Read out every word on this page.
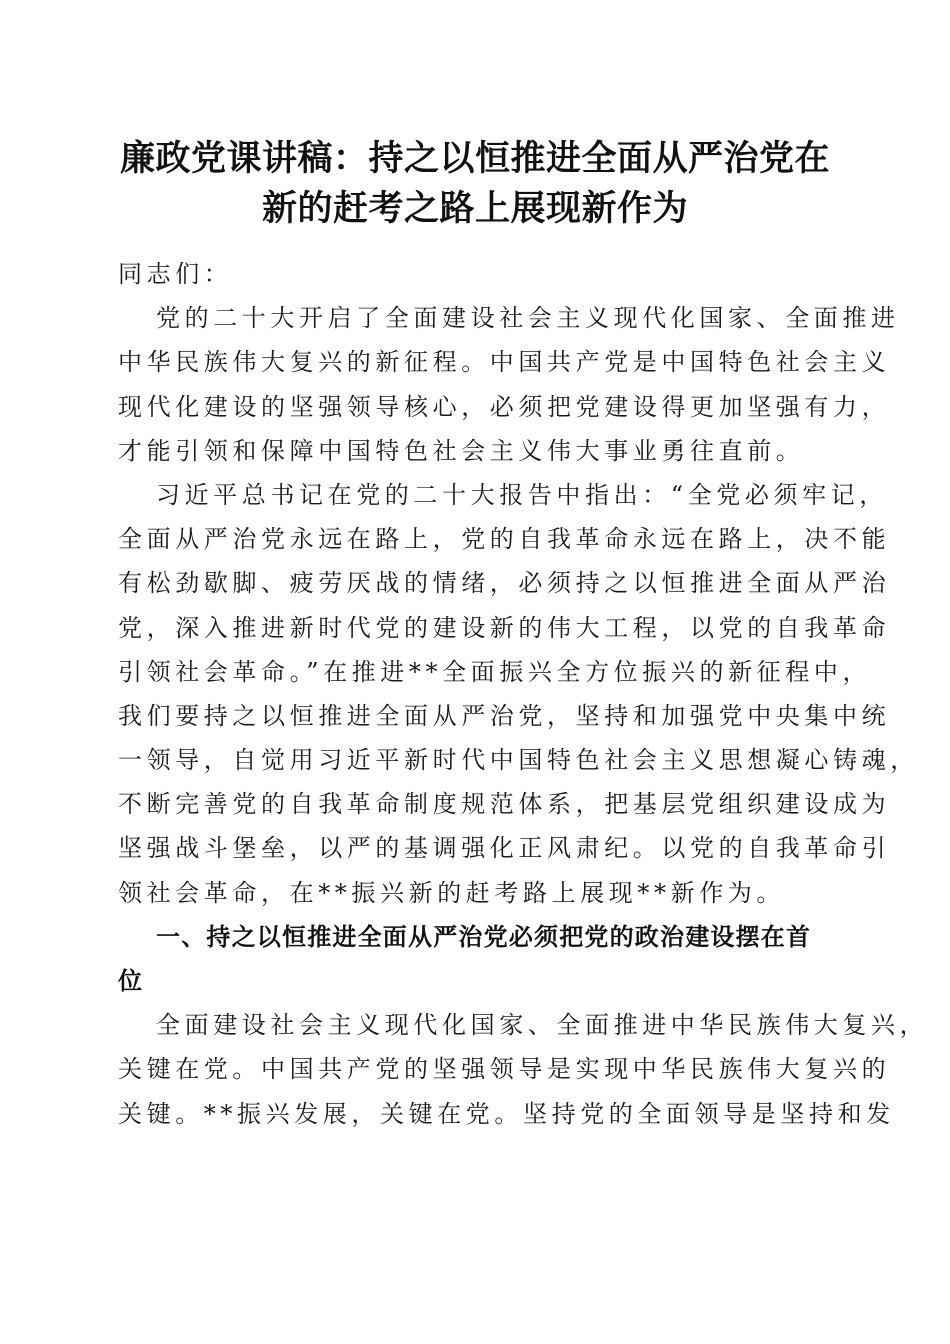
廉政党课讲稿：持之以恒推进全面从严治党在
新的赶考之路上展现新作为
同志们：
党的二十大开启了全面建设社会主义现代化国家、全面推进
中华民族伟大复兴的新征程。中国共产党是中国特色社会主义
现代化建设的坚强领导核心，必须把党建设得更加坚强有力，
才能引领和保障中国特色社会主义伟大事业勇往直前。
习近平总书记在党的二十大报告中指出：“全党必须牢记，
全面从严治党永远在路上，党的自我革命永远在路上，决不能
有松劲歇脚、疲劳厌战的情绪，必须持之以恒推进全面从严治
党，深入推进新时代党的建设新的伟大工程，以党的自我革命
引领社会革命。”在推进**全面振兴全方位振兴的新征程中，
我们要持之以恒推进全面从严治党，坚持和加强党中央集中统
一领导，自觉用习近平新时代中国特色社会主义思想凝心铸魂，
不断完善党的自我革命制度规范体系，把基层党组织建设成为
坚强战斗堡垒，以严的基调强化正风肃纪。以党的自我革命引
领社会革命，在**振兴新的赶考路上展现**新作为。
一、持之以恒推进全面从严治党必须把党的政治建设摆在首
位
全面建设社会主义现代化国家、全面推进中华民族伟大复兴，
关键在党。中国共产党的坚强领导是实现中华民族伟大复兴的
关键。**振兴发展，关键在党。坚持党的全面领导是坚持和发
